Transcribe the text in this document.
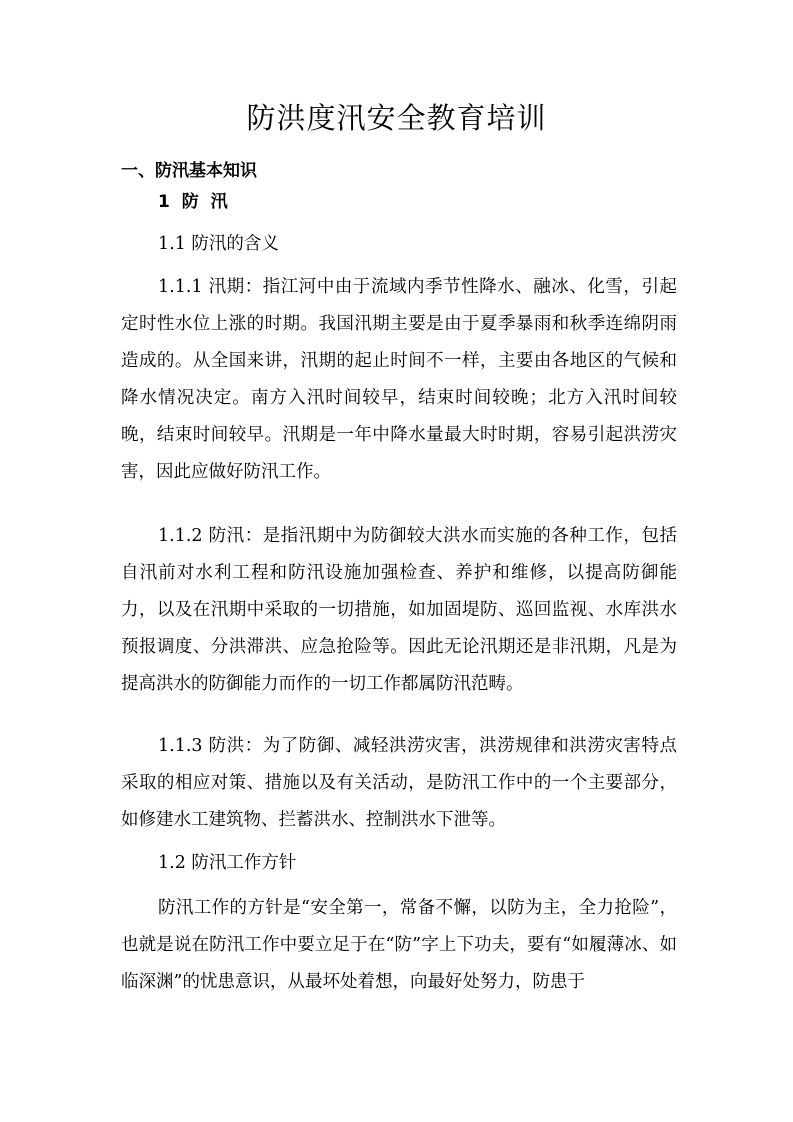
防洪度汛安全教育培训
一、防汛基本知识
1 防 汛

1.1 防汛的含义

1.1.1 汛期：指江河中由于流域内季节性降水、融冰、化雪，引起定时性水位上涨的时期。我国汛期主要是由于夏季暴雨和秋季连绵阴雨造成的。从全国来讲，汛期的起止时间不一样，主要由各地区的气候和降水情况决定。南方入汛时间较早，结束时间较晚；北方入汛时间较晚，结束时间较早。汛期是一年中降水量最大时时期，容易引起洪涝灾害，因此应做好防汛工作。

1.1.2 防汛：是指汛期中为防御较大洪水而实施的各种工作，包括自汛前对水利工程和防汛设施加强检查、养护和维修，以提高防御能力，以及在汛期中采取的一切措施，如加固堤防、巡回监视、水库洪水预报调度、分洪滞洪、应急抢险等。因此无论汛期还是非汛期，凡是为提高洪水的防御能力而作的一切工作都属防汛范畴。

1.1.3 防洪：为了防御、减轻洪涝灾害，洪涝规律和洪涝灾害特点采取的相应对策、措施以及有关活动，是防汛工作中的一个主要部分，如修建水工建筑物、拦蓄洪水、控制洪水下泄等。

1.2 防汛工作方针

防汛工作的方针是“安全第一，常备不懈，以防为主，全力抢险”，也就是说在防汛工作中要立足于在“防”字上下功夫，要有“如履薄冰、如临深渊”的忧患意识，从最坏处着想，向最好处努力，防患于
